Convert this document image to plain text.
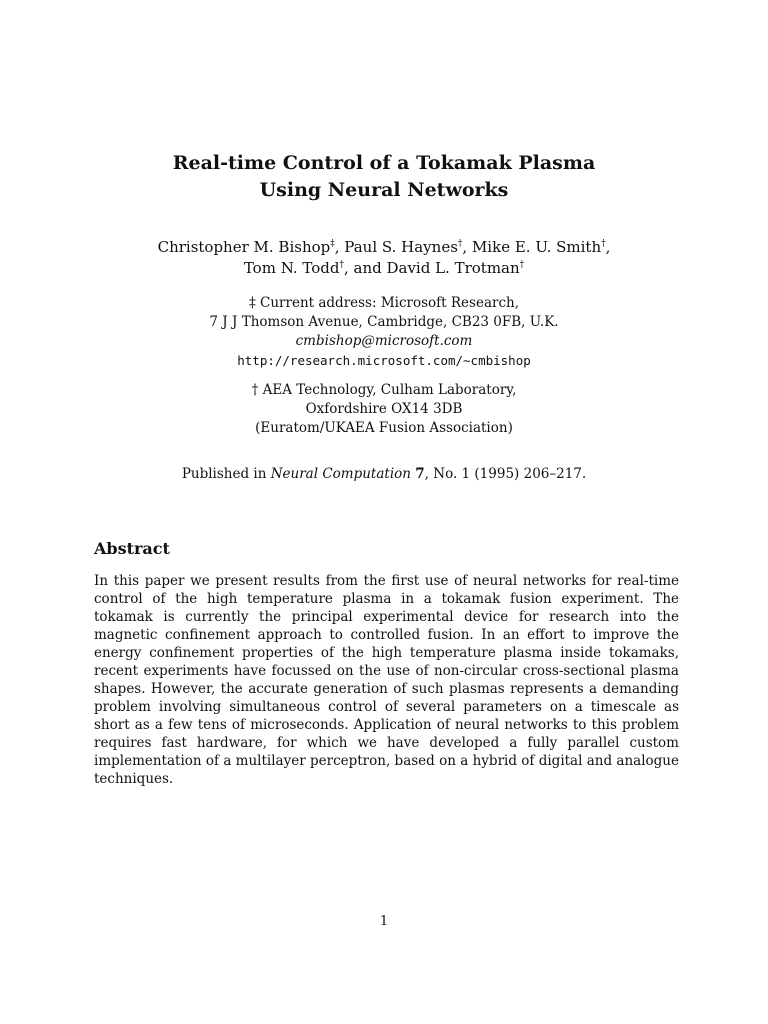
Real-time Control of a Tokamak Plasma
Using Neural Networks
Christopher M. Bishop‡, Paul S. Haynes†, Mike E. U. Smith†,
Tom N. Todd†, and David L. Trotman†
‡ Current address: Microsoft Research,
7 J J Thomson Avenue, Cambridge, CB23 0FB, U.K.
cmbishop@microsoft.com
http://research.microsoft.com/∼cmbishop
† AEA Technology, Culham Laboratory,
Oxfordshire OX14 3DB
(Euratom/UKAEA Fusion Association)
Published in Neural Computation 7, No. 1 (1995) 206–217.
Abstract
In this paper we present results from the first use of neural networks for real-time control of the high temperature plasma in a tokamak fusion experiment. The tokamak is currently the principal experimental device for research into the magnetic confinement approach to controlled fusion. In an effort to improve the energy confinement properties of the high temperature plasma inside tokamaks, recent experiments have focussed on the use of non-circular cross-sectional plasma shapes. However, the accurate generation of such plasmas represents a demanding problem involving simultaneous control of several parameters on a timescale as short as a few tens of microseconds. Application of neural networks to this problem requires fast hardware, for which we have developed a fully parallel custom implementation of a multilayer perceptron, based on a hybrid of digital and analogue techniques.
1
